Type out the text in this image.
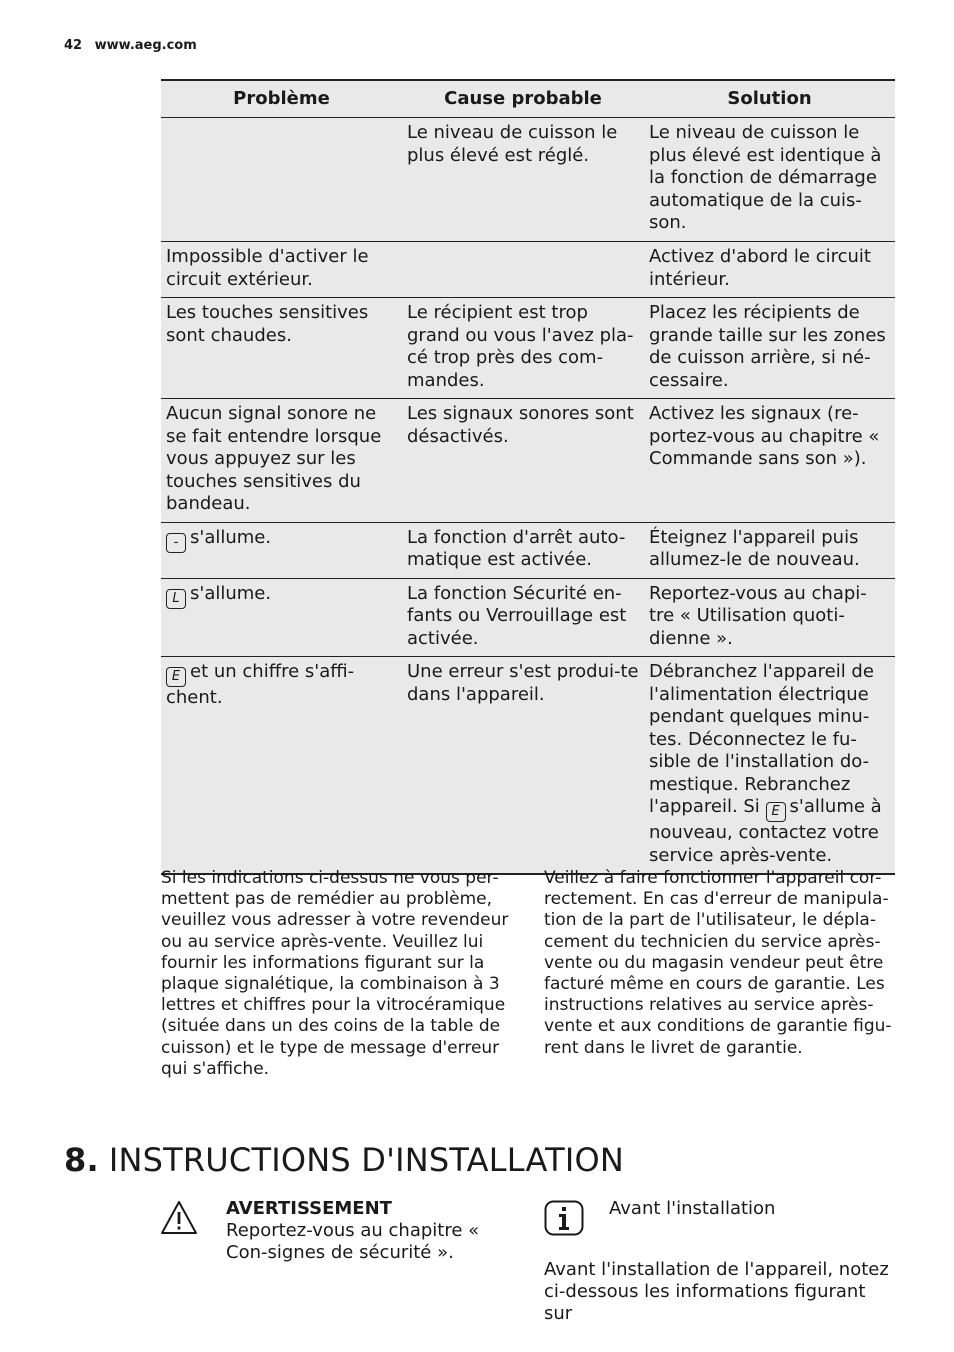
42 www.aeg.com
Problème	Cause probable	Solution
	Le niveau de cuisson le plus élevé est réglé.	Le niveau de cuisson le plus élevé est identique à la fonction de démarrage automatique de la cuis-son.
Impossible d'activer le circuit extérieur.		Activez d'abord le circuit intérieur.
Les touches sensitives sont chaudes.	Le récipient est trop grand ou vous l'avez pla-cé trop près des com-mandes.	Placez les récipients de grande taille sur les zones de cuisson arrière, si né-cessaire.
Aucun signal sonore ne se fait entendre lorsque vous appuyez sur les touches sensitives du bandeau.	Les signaux sonores sont désactivés.	Activez les signaux (re-portez-vous au chapitre « Commande sans son »).
- s'allume.	La fonction d'arrêt auto-matique est activée.	Éteignez l'appareil puis allumez-le de nouveau.
L s'allume.	La fonction Sécurité en-fants ou Verrouillage est activée.	Reportez-vous au chapi-tre « Utilisation quoti-dienne ».
E et un chiffre s'affi-chent.	Une erreur s'est produi-te dans l'appareil.	Débranchez l'appareil de l'alimentation électrique pendant quelques minu-tes. Déconnectez le fu-sible de l'installation do-mestique. Rebranchez l'appareil. Si E s'allume à nouveau, contactez votre service après-vente.
Si les indications ci-dessus ne vous per-mettent pas de remédier au problème, veuillez vous adresser à votre revendeur ou au service après-vente. Veuillez lui fournir les informations figurant sur la plaque signalétique, la combinaison à 3 lettres et chiffres pour la vitrocéramique (située dans un des coins de la table de cuisson) et le type de message d'erreur qui s'affiche.
Veillez à faire fonctionner l'appareil cor-rectement. En cas d'erreur de manipula-tion de la part de l'utilisateur, le dépla-cement du technicien du service après-vente ou du magasin vendeur peut être facturé même en cours de garantie. Les instructions relatives au service après-vente et aux conditions de garantie figu-rent dans le livret de garantie.
8. INSTRUCTIONS D'INSTALLATION
AVERTISSEMENT
Reportez-vous au chapitre « Con-signes de sécurité ».
Avant l'installation
Avant l'installation de l'appareil, notez ci-dessous les informations figurant sur
